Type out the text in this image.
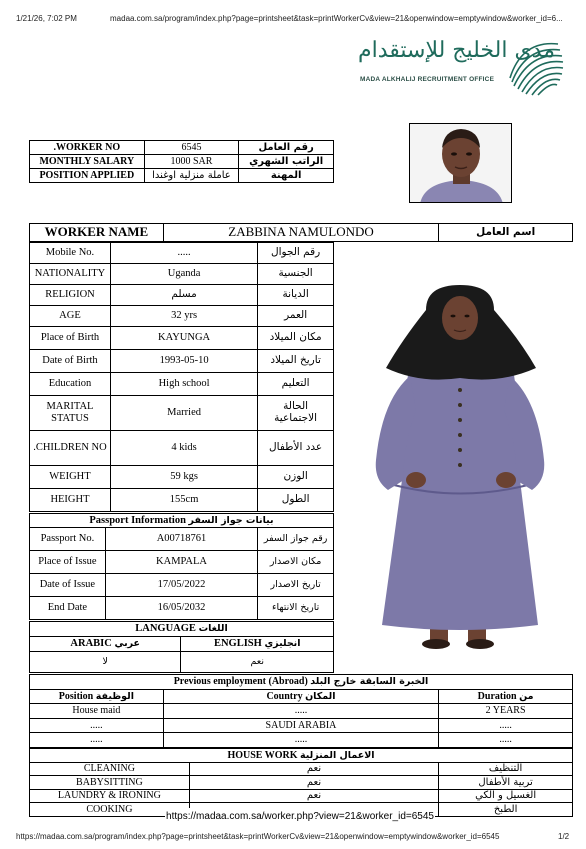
1/21/26, 7:02 PM	madaa.com.sa/program/index.php?page=printsheet&task=printWorkerCv&view=21&openwindow=emptywindow&worker_id=6...
مدى الخليج للإستقدام
MADA ALKHALIJ RECRUITMENT OFFICE
.WORKER NO	6545	رقم العامل
MONTHLY SALARY	1000 SAR	الراتب الشهري
POSITION APPLIED	عاملة منزلية اوغندا	المهنة
WORKER NAME	ZABBINA NAMULONDO	اسم العامل
Mobile No.	.....	رقم الجوال
NATIONALITY	Uganda	الجنسية
RELIGION	مسلم	الديانة
AGE	32 yrs	العمر
Place of Birth	KAYUNGA	مكان الميلاد
Date of Birth	1993-05-10	تاريخ الميلاد
Education	High school	التعليم
MARITAL STATUS	Married	الحالة الاجتماعية
.CHILDREN NO	4 kids	عدد الأطفال
WEIGHT	59 kgs	الوزن
HEIGHT	155cm	الطول
Passport Information بيانات جواز السفر		
Passport No.	A00718761	رقم جواز السفر
Place of Issue	KAMPALA	مكان الاصدار
Date of Issue	17/05/2022	تاريخ الاصدار
End Date	16/05/2032	تاريخ الانتهاء
LANGUAGE اللغات	
ARABIC عربي	ENGLISH انجليزي
لا	نعم
Previous employment (Abroad) الخبرة السابقة خارج البلد		
Position الوظيفة	Country المكان	Duration من
House maid	.....	2 YEARS
.....	SAUDI ARABIA	.....
.....	.....	.....
HOUSE WORK الاعمال المنزلية		
CLEANING	نعم	التنظيف
BABYSITTING	نعم	تربية الأطفال
LAUNDRY & IRONING	نعم	الغسيل و الكي
COOKING		الطبخ
https://madaa.com.sa/worker.php?view=21&worker_id=6545
https://madaa.com.sa/program/index.php?page=printsheet&task=printWorkerCv&view=21&openwindow=emptywindow&worker_id=6545	1/2
